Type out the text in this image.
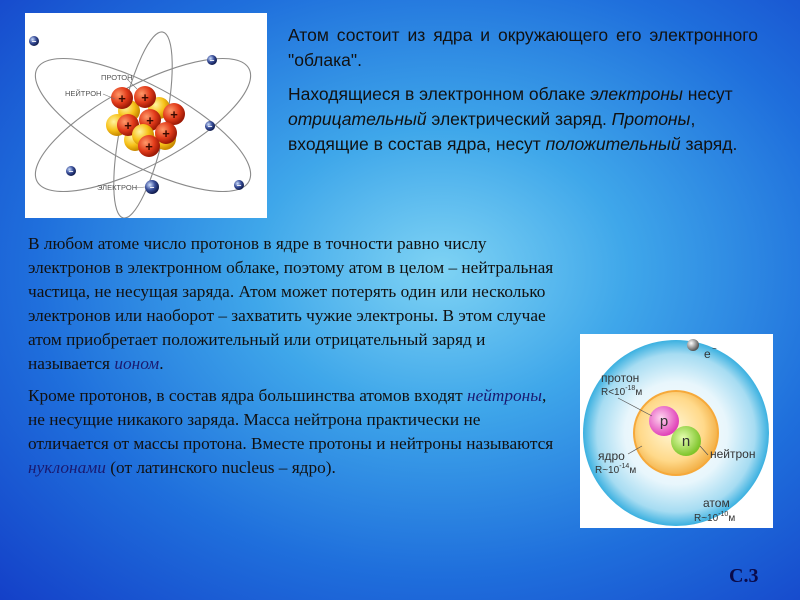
+
+
+
+ +
+
+
−
−
−
−
−
−
ПРОТОН
НЕЙТРОН
ЭЛЕКТРОН

Атом состоит из ядра и окружающего его электронного "облака".

Находящиеся в электронном облаке электроны несут отрицательный электрический заряд. Протоны, входящие в состав ядра, несут положительный заряд.

В любом атоме число протонов в ядре в точности равно числу электронов в электронном облаке, поэтому атом в целом – нейтральная частица, не несущая заряда. Атом может потерять один или несколько электронов или наоборот – захватить чужие электроны. В этом случае атом приобретает положительный или отрицательный заряд и называется ионом.

Кроме протонов, в состав ядра большинства атомов входят нейтроны, не несущие никакого заряда. Масса нейтрона практически не отличается от массы протона. Вместе протоны и нейтроны называются нуклонами (от латинского nucleus – ядро).

p
n
e −
протон
$R<10^{-18}м$
ядро
$R\sim 10^{-14}м$
нейтрон
атом
$R\sim 10^{-10}м$
С.3
